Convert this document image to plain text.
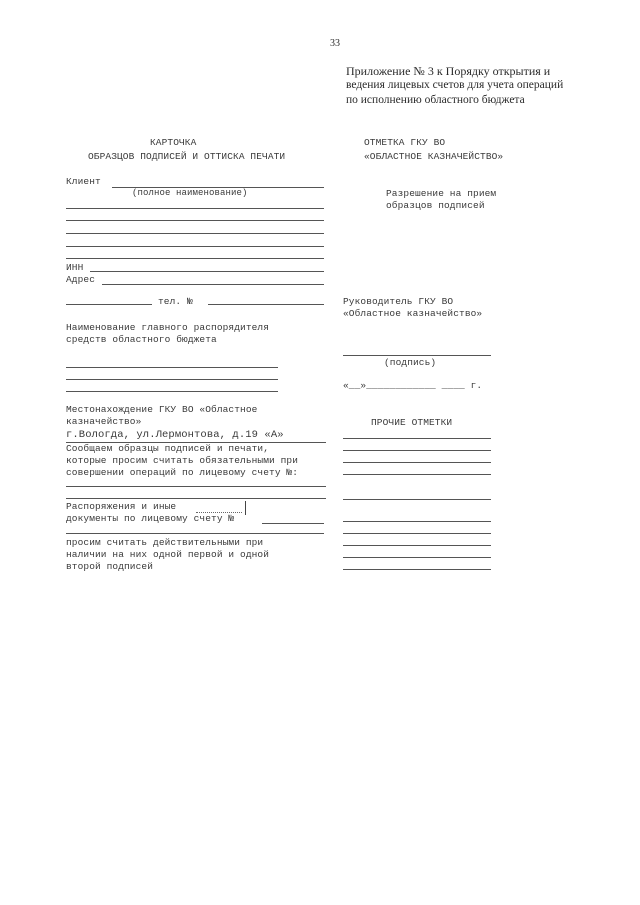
33
Приложение № 3 к Порядку открытия и
ведения лицевых счетов для учета операций
по исполнению областного бюджета
КАРТОЧКА
ОБРАЗЦОВ ПОДПИСЕЙ И ОТТИСКА ПЕЧАТИ
Клиент
(полное наименование)
ИНН
Адрес
тел. №
Наименование главного распорядителя
средств областного бюджета
Местонахождение ГКУ ВО «Областное
казначейство»
г.Вологда, ул.Лермонтова, д.19 «А»
Сообщаем образцы подписей и печати,
которые просим считать обязательными при
совершении операций по лицевому счету №:
Распоряжения и иные
документы по лицевому счету №
просим считать действительными при
наличии на них одной первой и одной
второй подписей
ОТМЕТКА ГКУ ВО
«ОБЛАСТНОЕ КАЗНАЧЕЙСТВО»
Разрешение на прием
образцов подписей
Руководитель ГКУ ВО
«Областное казначейство»
(подпись)
«__»____________ ____ г.
ПРОЧИЕ ОТМЕТКИ
